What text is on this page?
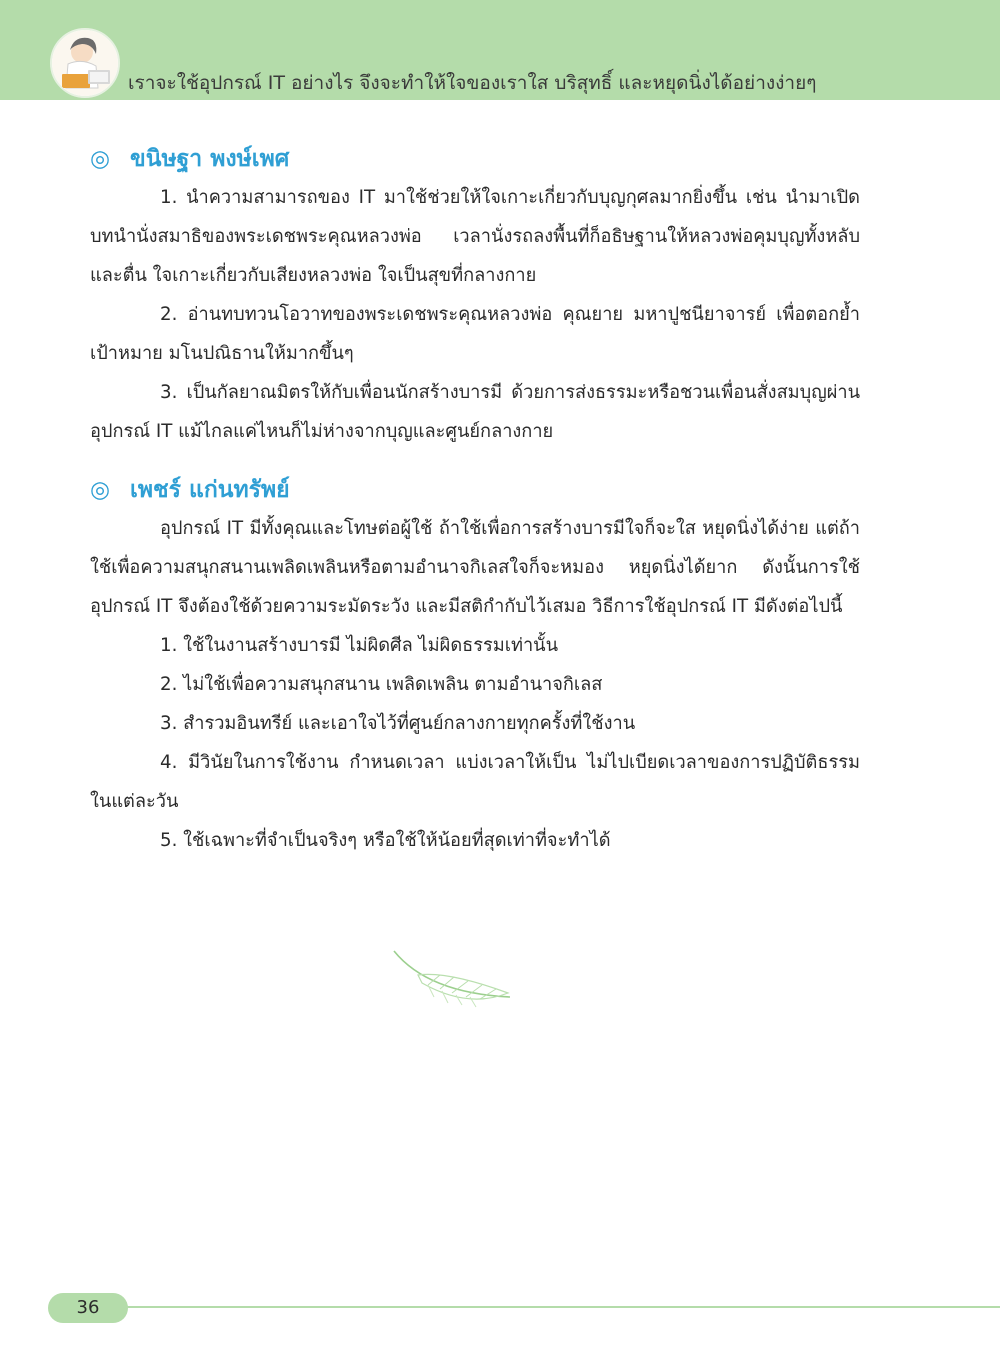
เราจะใช้อุปกรณ์ IT อย่างไร จึงจะทำให้ใจของเราใส บริสุทธิ์ และหยุดนิ่งได้อย่างง่ายๆ
◎ ขนิษฐา พงษ์เพศ

1. นำความสามารถของ IT มาใช้ช่วยให้ใจเกาะเกี่ยวกับบุญกุศลมากยิ่งขึ้น เช่น นำมาเปิดบทนำนั่งสมาธิของพระเดชพระคุณหลวงพ่อ เวลานั่งรถลงพื้นที่ก็อธิษฐานให้หลวงพ่อคุมบุญทั้งหลับและตื่น ใจเกาะเกี่ยวกับเสียงหลวงพ่อ ใจเป็นสุขที่กลางกาย

2. อ่านทบทวนโอวาทของพระเดชพระคุณหลวงพ่อ คุณยาย มหาปูชนียาจารย์ เพื่อตอกย้ำเป้าหมาย มโนปณิธานให้มากขึ้นๆ

3. เป็นกัลยาณมิตรให้กับเพื่อนนักสร้างบารมี ด้วยการส่งธรรมะหรือชวนเพื่อนสั่งสมบุญผ่านอุปกรณ์ IT แม้ไกลแค่ไหนก็ไม่ห่างจากบุญและศูนย์กลางกาย

◎ เพชร์ แก่นทรัพย์

อุปกรณ์ IT มีทั้งคุณและโทษต่อผู้ใช้ ถ้าใช้เพื่อการสร้างบารมีใจก็จะใส หยุดนิ่งได้ง่าย แต่ถ้าใช้เพื่อความสนุกสนานเพลิดเพลินหรือตามอำนาจกิเลสใจก็จะหมอง หยุดนิ่งได้ยาก ดังนั้นการใช้อุปกรณ์ IT จึงต้องใช้ด้วยความระมัดระวัง และมีสติกำกับไว้เสมอ วิธีการใช้อุปกรณ์ IT มีดังต่อไปนี้

1. ใช้ในงานสร้างบารมี ไม่ผิดศีล ไม่ผิดธรรมเท่านั้น

2. ไม่ใช้เพื่อความสนุกสนาน เพลิดเพลิน ตามอำนาจกิเลส

3. สำรวมอินทรีย์ และเอาใจไว้ที่ศูนย์กลางกายทุกครั้งที่ใช้งาน

4. มีวินัยในการใช้งาน กำหนดเวลา แบ่งเวลาให้เป็น ไม่ไปเบียดเวลาของการปฏิบัติธรรมในแต่ละวัน

5. ใช้เฉพาะที่จำเป็นจริงๆ หรือใช้ให้น้อยที่สุดเท่าที่จะทำได้

36
